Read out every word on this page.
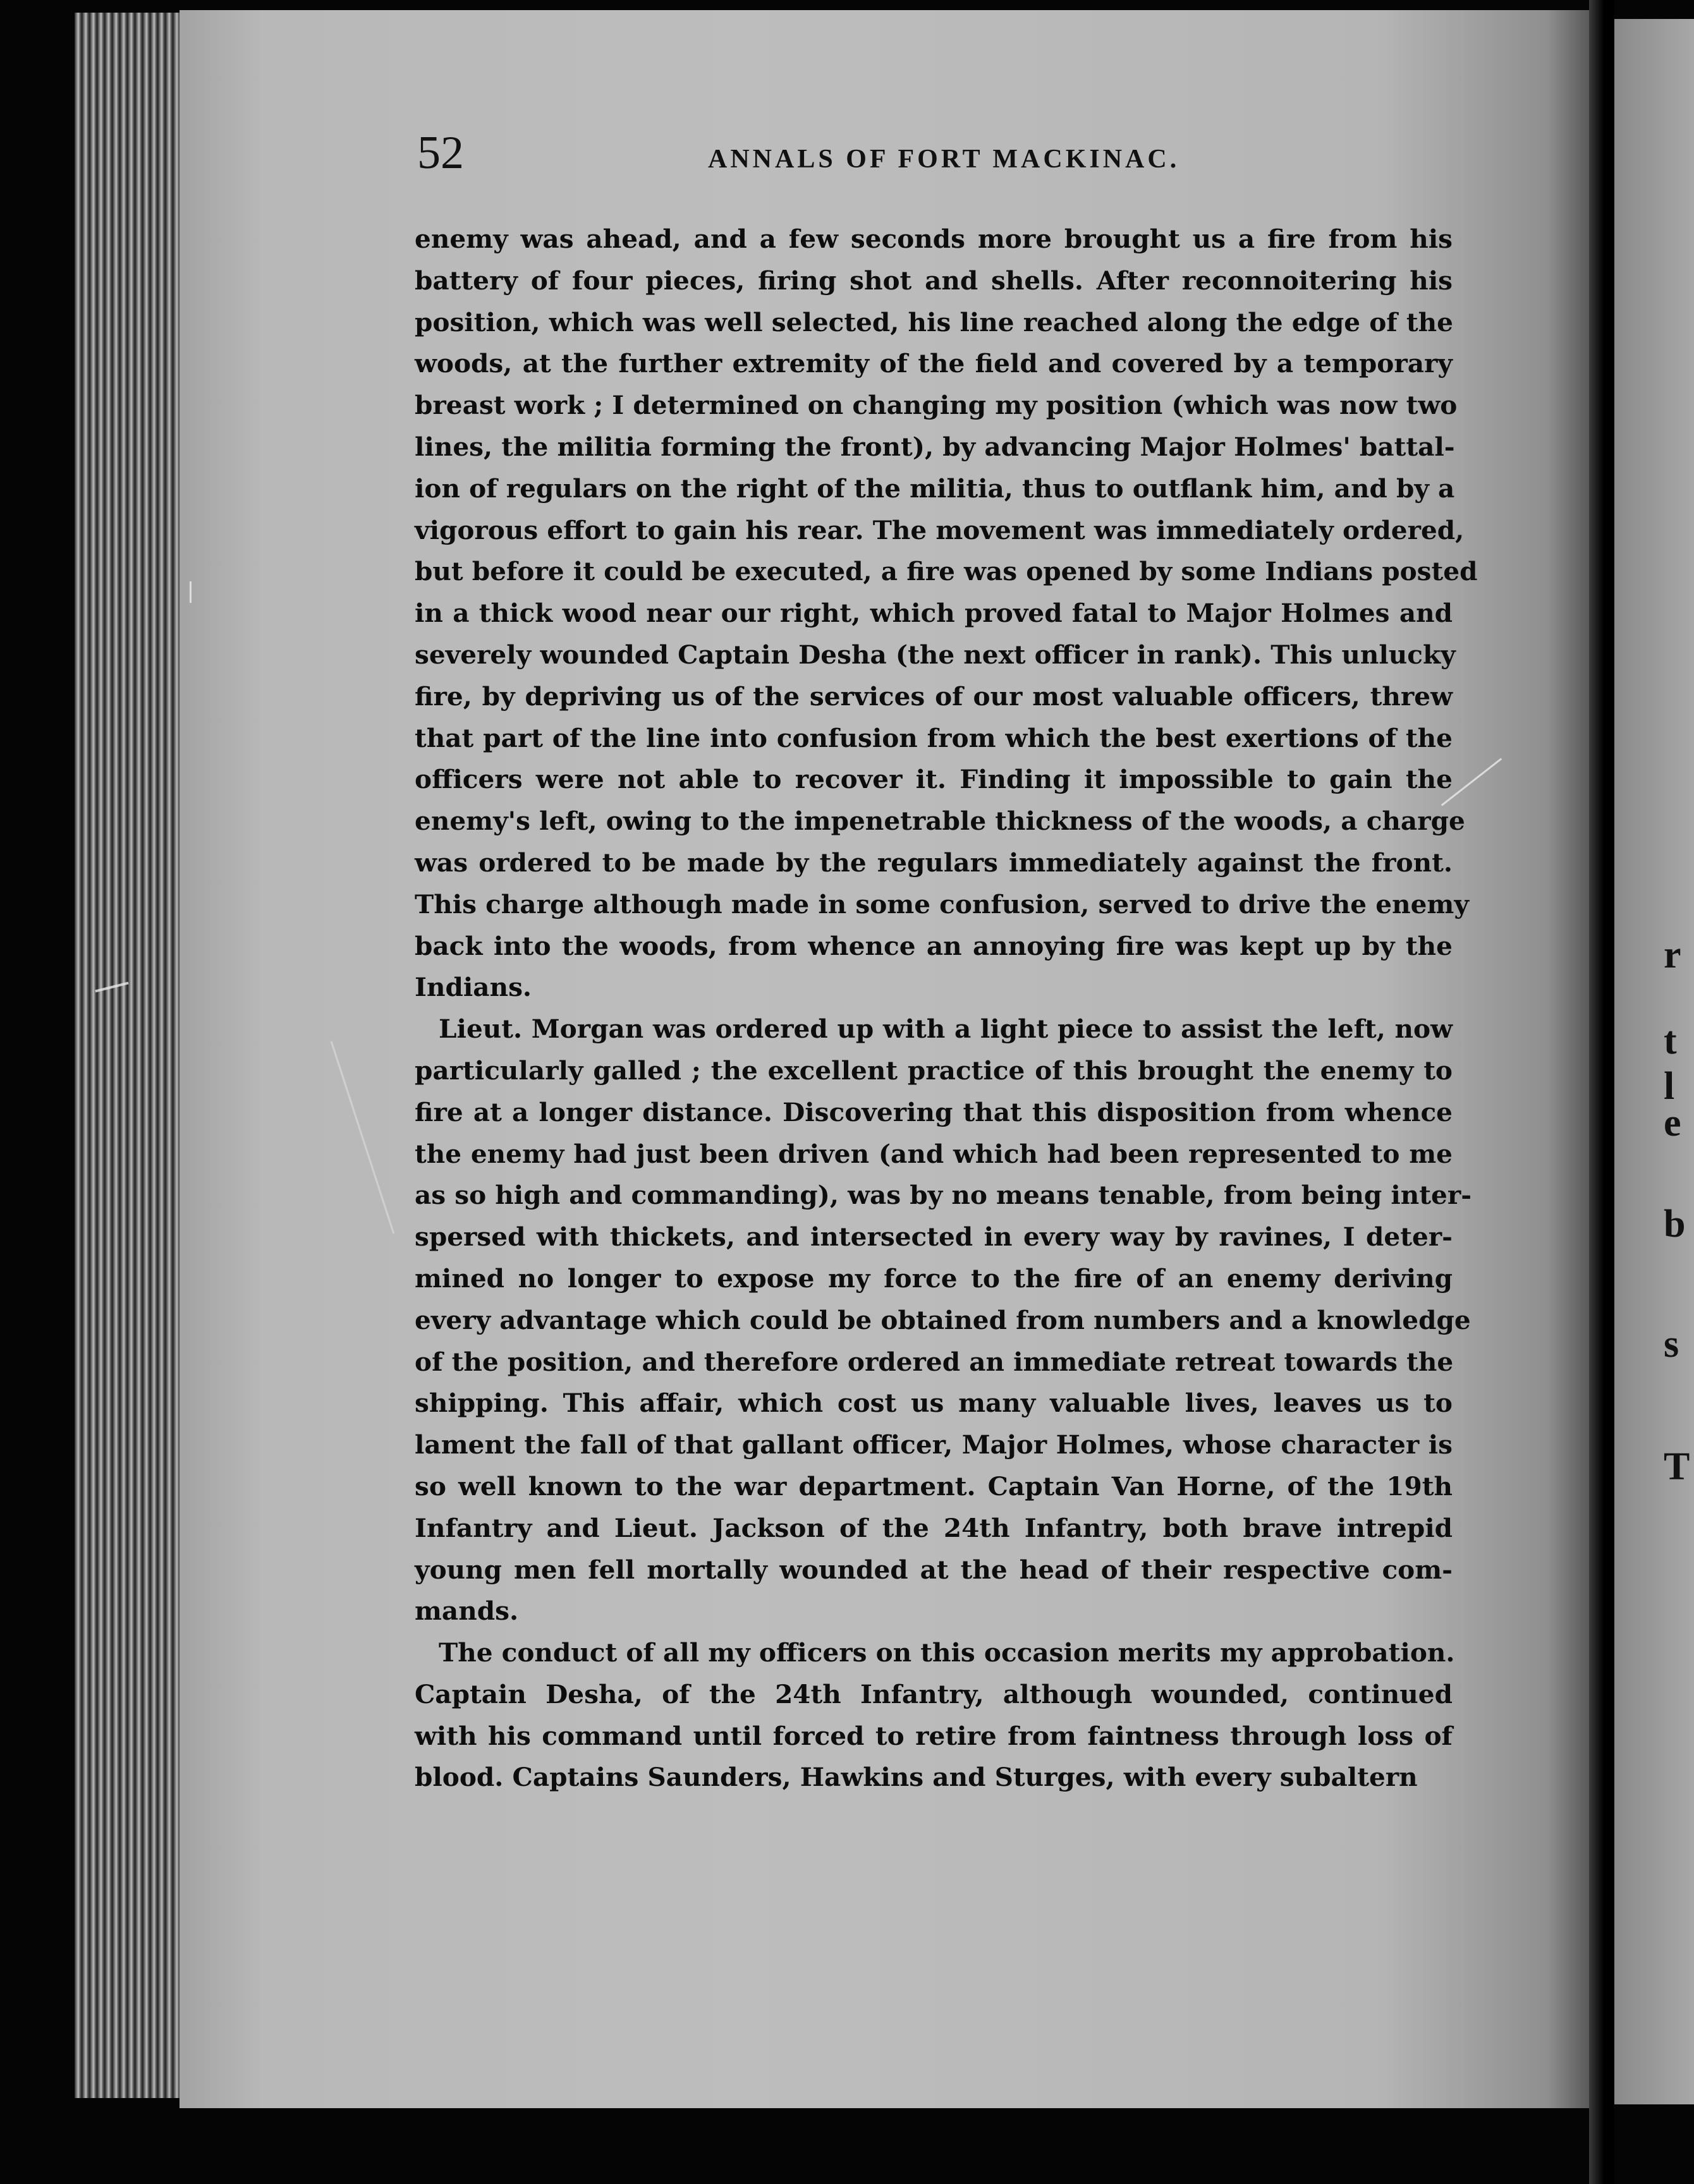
r
t
l
e
b
s
T
52	ANNALS OF FORT MACKINAC.

enemy was ahead, and a few seconds more brought us a fire from his
battery of four pieces, firing shot and shells. After reconnoitering his
position, which was well selected, his line reached along the edge of the
woods, at the further extremity of the field and covered by a temporary
breast work ; I determined on changing my position (which was now two
lines, the militia forming the front), by advancing Major Holmes' battal-
ion of regulars on the right of the militia, thus to outflank him, and by a
vigorous effort to gain his rear. The movement was immediately ordered,
but before it could be executed, a fire was opened by some Indians posted
in a thick wood near our right, which proved fatal to Major Holmes and
severely wounded Captain Desha (the next officer in rank). This unlucky
fire, by depriving us of the services of our most valuable officers, threw
that part of the line into confusion from which the best exertions of the
officers were not able to recover it. Finding it impossible to gain the
enemy's left, owing to the impenetrable thickness of the woods, a charge
was ordered to be made by the regulars immediately against the front.
This charge although made in some confusion, served to drive the enemy
back into the woods, from whence an annoying fire was kept up by the
Indians.

Lieut. Morgan was ordered up with a light piece to assist the left, now
particularly galled ; the excellent practice of this brought the enemy to
fire at a longer distance. Discovering that this disposition from whence
the enemy had just been driven (and which had been represented to me
as so high and commanding), was by no means tenable, from being inter-
spersed with thickets, and intersected in every way by ravines, I deter-
mined no longer to expose my force to the fire of an enemy deriving
every advantage which could be obtained from numbers and a knowledge
of the position, and therefore ordered an immediate retreat towards the
shipping. This affair, which cost us many valuable lives, leaves us to
lament the fall of that gallant officer, Major Holmes, whose character is
so well known to the war department. Captain Van Horne, of the 19th
Infantry and Lieut. Jackson of the 24th Infantry, both brave intrepid
young men fell mortally wounded at the head of their respective com-
mands.

The conduct of all my officers on this occasion merits my approbation.
Captain Desha, of the 24th Infantry, although wounded, continued
with his command until forced to retire from faintness through loss of
blood. Captains Saunders, Hawkins and Sturges, with every subaltern
